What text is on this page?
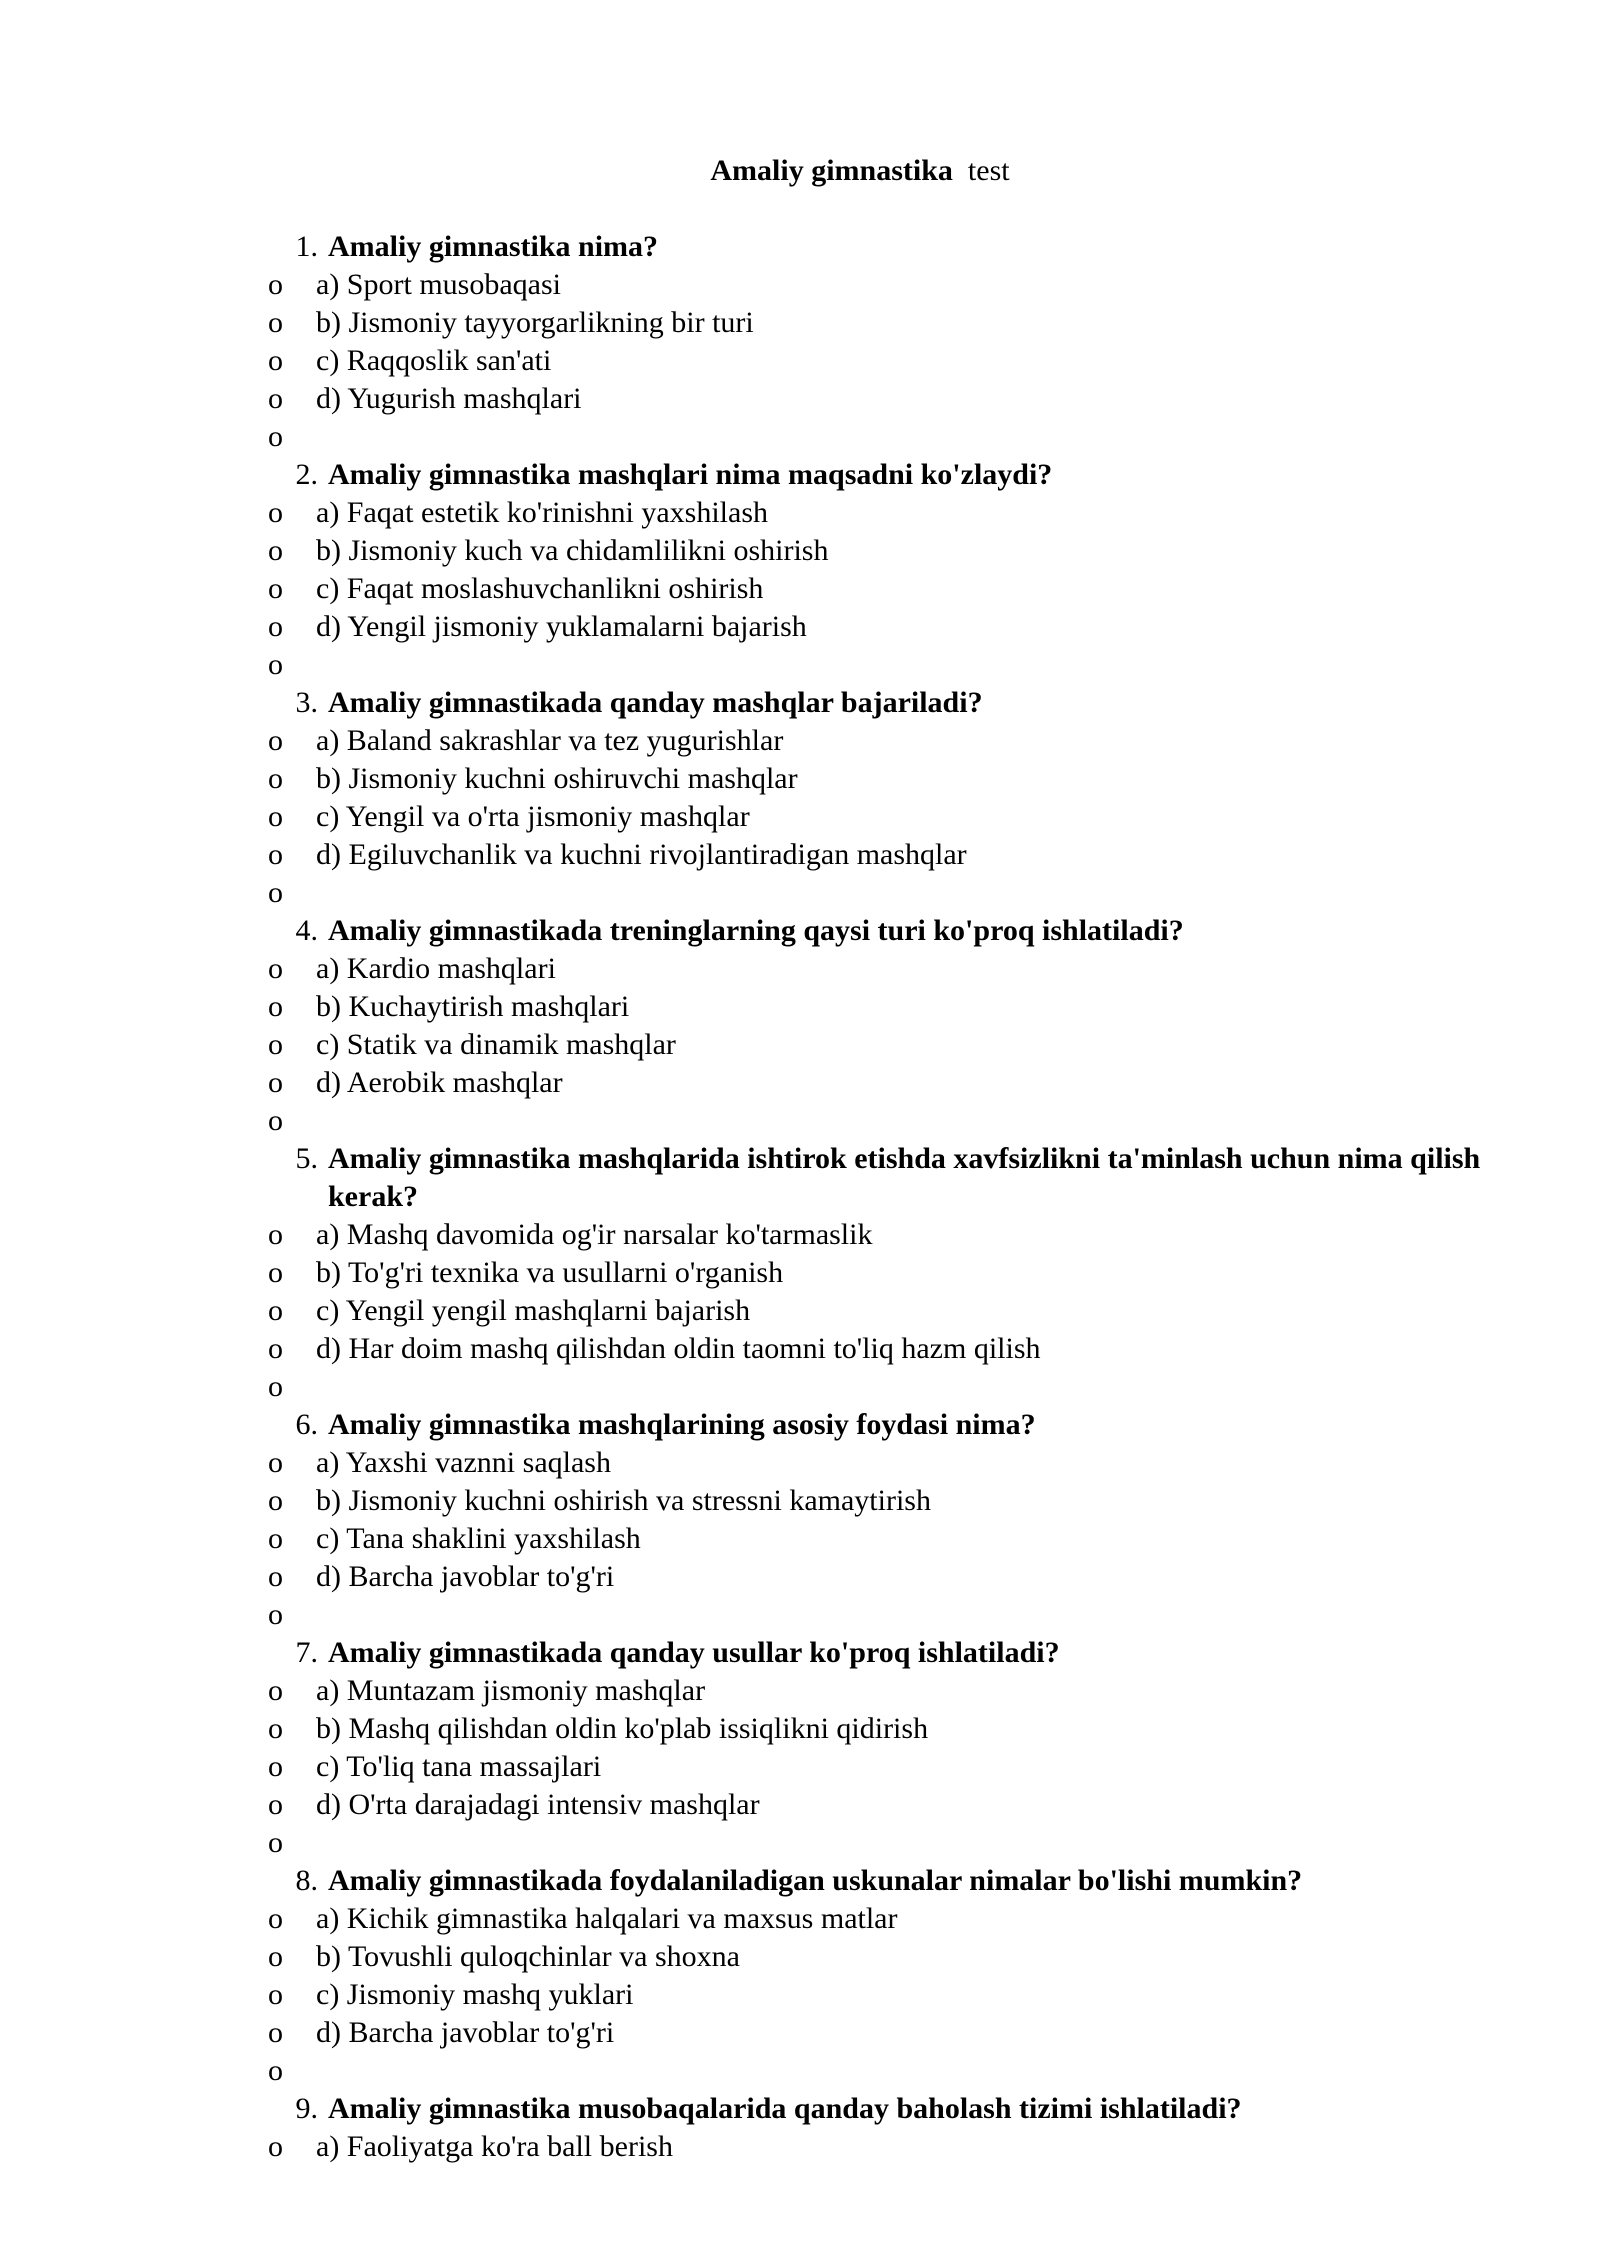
Amaliy gimnastika test
1. Amaliy gimnastika nima?
o a) Sport musobaqasi
o b) Jismoniy tayyorgarlikning bir turi
o c) Raqqoslik san'ati
o d) Yugurish mashqlari
o
2. Amaliy gimnastika mashqlari nima maqsadni ko'zlaydi?
o a) Faqat estetik ko'rinishni yaxshilash
o b) Jismoniy kuch va chidamlilikni oshirish
o c) Faqat moslashuvchanlikni oshirish
o d) Yengil jismoniy yuklamalarni bajarish
o
3. Amaliy gimnastikada qanday mashqlar bajariladi?
o a) Baland sakrashlar va tez yugurishlar
o b) Jismoniy kuchni oshiruvchi mashqlar
o c) Yengil va o'rta jismoniy mashqlar
o d) Egiluvchanlik va kuchni rivojlantiradigan mashqlar
o
4. Amaliy gimnastikada treninglarning qaysi turi ko'proq ishlatiladi?
o a) Kardio mashqlari
o b) Kuchaytirish mashqlari
o c) Statik va dinamik mashqlar
o d) Aerobik mashqlar
o
5. Amaliy gimnastika mashqlarida ishtirok etishda xavfsizlikni ta'minlash uchun nima qilish kerak?
o a) Mashq davomida og'ir narsalar ko'tarmaslik
o b) To'g'ri texnika va usullarni o'rganish
o c) Yengil yengil mashqlarni bajarish
o d) Har doim mashq qilishdan oldin taomni to'liq hazm qilish
o
6. Amaliy gimnastika mashqlarining asosiy foydasi nima?
o a) Yaxshi vaznni saqlash
o b) Jismoniy kuchni oshirish va stressni kamaytirish
o c) Tana shaklini yaxshilash
o d) Barcha javoblar to'g'ri
o
7. Amaliy gimnastikada qanday usullar ko'proq ishlatiladi?
o a) Muntazam jismoniy mashqlar
o b) Mashq qilishdan oldin ko'plab issiqlikni qidirish
o c) To'liq tana massajlari
o d) O'rta darajadagi intensiv mashqlar
o
8. Amaliy gimnastikada foydalaniladigan uskunalar nimalar bo'lishi mumkin?
o a) Kichik gimnastika halqalari va maxsus matlar
o b) Tovushli quloqchinlar va shoxna
o c) Jismoniy mashq yuklari
o d) Barcha javoblar to'g'ri
o
9. Amaliy gimnastika musobaqalarida qanday baholash tizimi ishlatiladi?
o a) Faoliyatga ko'ra ball berish
